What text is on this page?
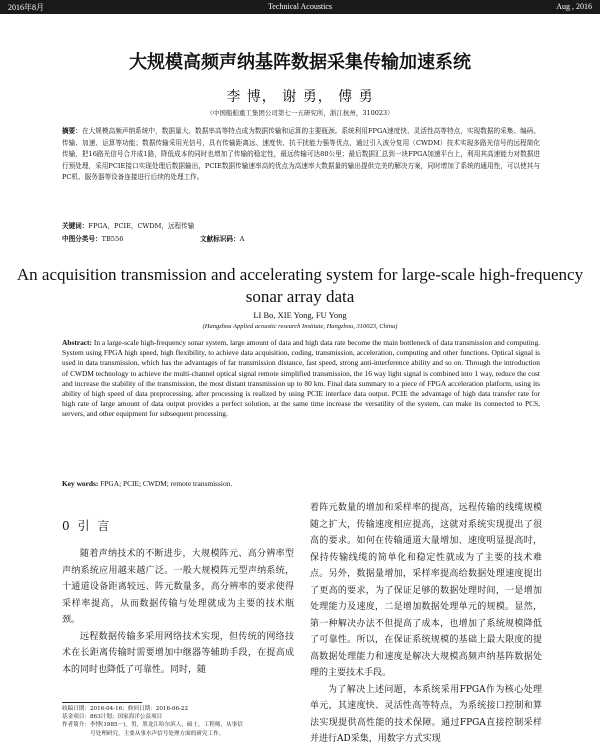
Technical Acoustics
2016年8月	Aug , 2016
大规模高频声纳基阵数据采集传输加速系统
李 博， 谢 勇， 傅 勇
（中国船舶重工集团公司第七一五研究所，浙江杭州，310023）
摘要：在大规模高频声纳系统中，数据量大、数据率高等特点成为数据传输和运算的主要瓶颈。系统利用FPGA速度快、灵活性高等特点，实现数据的采集、编码、传输、加速、运算等功能；数据传输采用光信号，具有传输距离远、速度快、抗干扰能力强等优点，通过引入波分复用（CWDM）技术实现多路光信号的远程简化传输，把16路光信号合并成1路，降低成本的同时也增加了传输的稳定性，最远传输可达80公里；最后数据汇总到一块FPGA加速平台上，利用其高速能力对数据进行预处理，采用PCIE接口实现处理后数据输出，PCIE数据传输速率高的优点为高速率大数据量的输出提供完美的解决方案，同时增加了系统的通用性，可以使其与PC机、服务器等设备连接进行后续的处理工作。
关键词：FPGA，PCIE，CWDM，远程传输
中图分类号：TB556	文献标识码：A
An acquisition transmission and accelerating system for large-scale high-frequency sonar array data
LI Bo, XIE Yong, FU Yong
(Hangzhou Applied acoustic research Institute, Hangzhou, 310023, China)
Abstract: In a large-scale high-frequency sonar system, large amount of data and high data rate become the main bottleneck of data transmission and computing. System using FPGA high speed, high flexibility, to achieve data acquisition, coding, transmission, acceleration, computing and other functions. Optical signal is used in data transmission, which has the advantages of far transmission distance, fast speed, strong anti-interference ability and so on. Through the introduction of CWDM technology to achieve the multi-channel optical signal remote simplified transmission, the 16 way light signal is combined into 1 way, reduce the cost and increase the stability of the transmission, the most distant transmission up to 80 km. Final data summary to a piece of FPGA acceleration platform, using its ability of high speed of data preprocessing, after processing is realized by using PCIE interface data output. PCIE the advantage of high data transfer rate for high rate of large amount of data output provides a perfect solution, at the same time increase the versatility of the system, can make its connected to PCS, servers, and other equipment for subsequent processing.
Key words: FPGA; PCIE; CWDM; remote transmission.
0 引 言

随着声纳技术的不断进步，大规模阵元、高分辨率型声纳系统应用越来越广泛。一般大规模阵元型声纳系统，十通道设备距离较远、阵元数量多，高分辨率的要求使得采样率提高，从而数据传输与处理就成为主要的技术瓶颈。

远程数据传输多采用网络技术实现，但传统的网络技术在长距离传输时需要增加中继器等辅助手段，在提高成本的同时也降低了可靠性。同时，随

着阵元数量的增加和采样率的提高，远程传输的线缆规模随之扩大，传输速度相应提高，这就对系统实现提出了很高的要求。如何在传输通道大量增加、速度明显提高时，保持传输线缆的简单化和稳定性就成为了主要的技术难点。另外，数据量增加，采样率提高给数据处理速度提出了更高的要求，为了保证足够的数据处理时间，一是增加处理能力及速度，二是增加数据处理单元的规模。显然，第一种解决办法不但提高了成本，也增加了系统规模降低了可靠性。所以，在保证系统规模的基础上最大限度的提高数据处理能力和速度是解决大规模高频声纳基阵数据处理的主要技术手段。

为了解决上述问题，本系统采用FPGA作为核心处理单元，其速度快、灵活性高等特点，为系统接口控制和算法实现提供高性能的技术保障。通过FPGA直接控制采样并进行AD采集，用数字方式实现

收稿日期：2016-04-16；修回日期：2016-06-22
基金项目：863计划；国家海洋公益项目
作者简介：李博(1985－)，男，黑龙江哈尔滨人，硕士，工程师，从事信
号处理研究。主要从事水声信号处理方面的研究工作。
